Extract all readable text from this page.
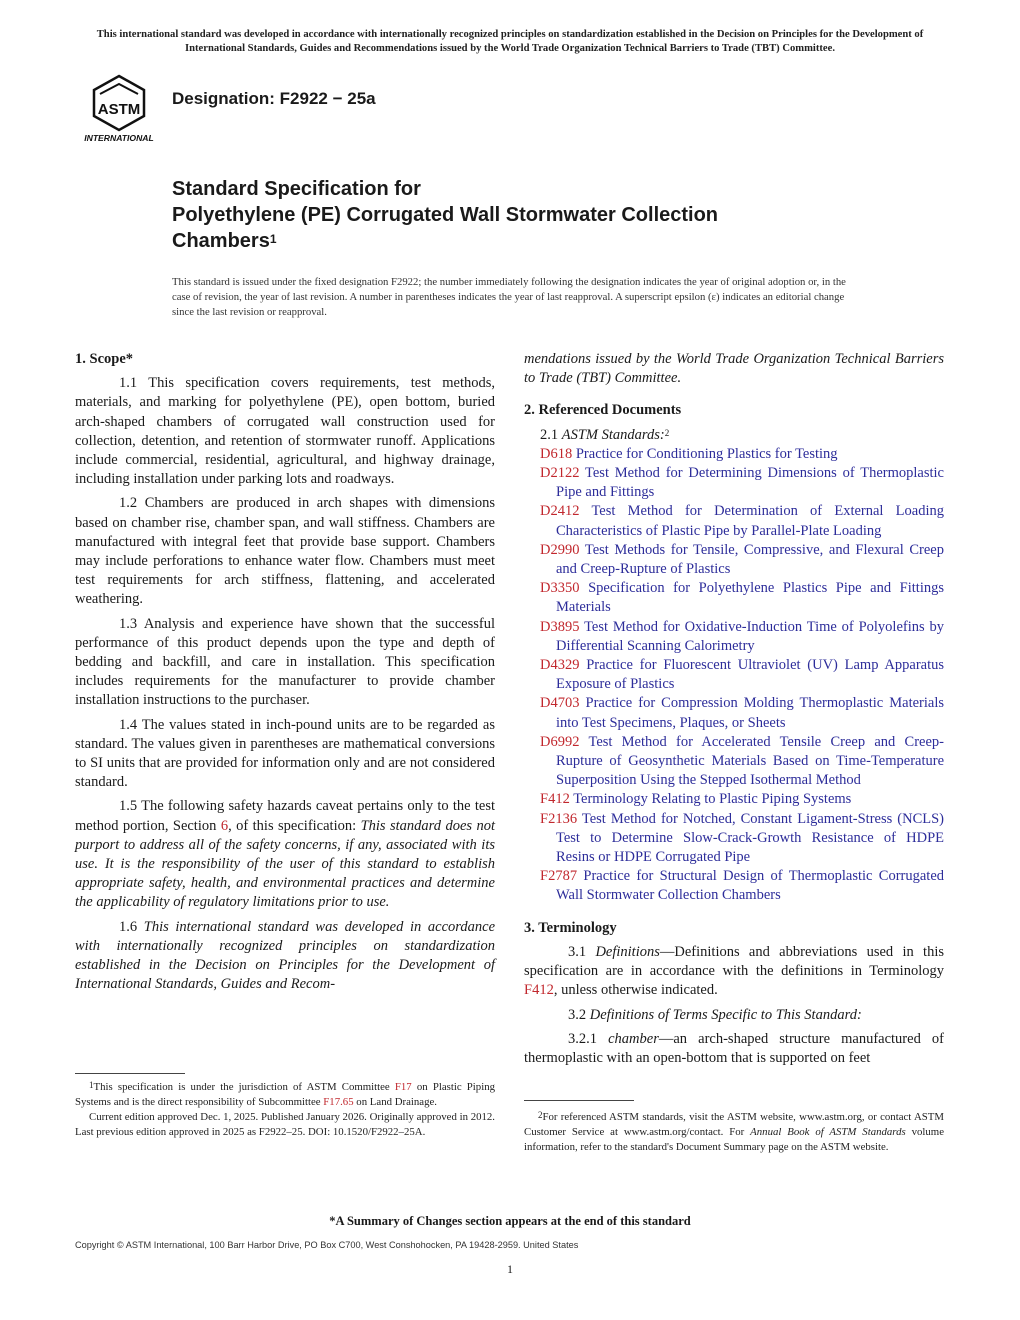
This international standard was developed in accordance with internationally recognized principles on standardization established in the Decision on Principles for the Development of International Standards, Guides and Recommendations issued by the World Trade Organization Technical Barriers to Trade (TBT) Committee.
ASTM
INTERNATIONAL
Designation: F2922 − 25a
Standard Specification for
Polyethylene (PE) Corrugated Wall Stormwater Collection
Chambers$^1$
This standard is issued under the fixed designation F2922; the number immediately following the designation indicates the year of original adoption or, in the case of revision, the year of last revision. A number in parentheses indicates the year of last reapproval. A superscript epsilon (ε) indicates an editorial change since the last revision or reapproval.

1. Scope*

1.1 This specification covers requirements, test methods, materials, and marking for polyethylene (PE), open bottom, buried arch-shaped chambers of corrugated wall construction used for collection, detention, and retention of stormwater runoff. Applications include commercial, residential, agricultural, and highway drainage, including installation under parking lots and roadways.

1.2 Chambers are produced in arch shapes with dimensions based on chamber rise, chamber span, and wall stiffness. Chambers are manufactured with integral feet that provide base support. Chambers may include perforations to enhance water flow. Chambers must meet test requirements for arch stiffness, flattening, and accelerated weathering.

1.3 Analysis and experience have shown that the successful performance of this product depends upon the type and depth of bedding and backfill, and care in installation. This specification includes requirements for the manufacturer to provide chamber installation instructions to the purchaser.

1.4 The values stated in inch-pound units are to be regarded as standard. The values given in parentheses are mathematical conversions to SI units that are provided for information only and are not considered standard.

1.5 The following safety hazards caveat pertains only to the test method portion, Section 6, of this specification: This standard does not purport to address all of the safety concerns, if any, associated with its use. It is the responsibility of the user of this standard to establish appropriate safety, health, and environmental practices and determine the applicability of regulatory limitations prior to use.

1.6 This international standard was developed in accordance with internationally recognized principles on standardization established in the Decision on Principles for the Development of International Standards, Guides and Recom-

$^1$This specification is under the jurisdiction of ASTM Committee F17 on Plastic Piping Systems and is the direct responsibility of Subcommittee F17.65 on Land Drainage.

Current edition approved Dec. 1, 2025. Published January 2026. Originally approved in 2012. Last previous edition approved in 2025 as F2922–25. DOI: 10.1520/F2922–25A.

mendations issued by the World Trade Organization Technical Barriers to Trade (TBT) Committee.

2. Referenced Documents

2.1 ASTM Standards:$^2$
D618 Practice for Conditioning Plastics for Testing
D2122 Test Method for Determining Dimensions of Thermoplastic Pipe and Fittings
D2412 Test Method for Determination of External Loading Characteristics of Plastic Pipe by Parallel-Plate Loading
D2990 Test Methods for Tensile, Compressive, and Flexural Creep and Creep-Rupture of Plastics
D3350 Specification for Polyethylene Plastics Pipe and Fittings Materials
D3895 Test Method for Oxidative-Induction Time of Polyolefins by Differential Scanning Calorimetry
D4329 Practice for Fluorescent Ultraviolet (UV) Lamp Apparatus Exposure of Plastics
D4703 Practice for Compression Molding Thermoplastic Materials into Test Specimens, Plaques, or Sheets
D6992 Test Method for Accelerated Tensile Creep and Creep-Rupture of Geosynthetic Materials Based on Time-Temperature Superposition Using the Stepped Isothermal Method
F412 Terminology Relating to Plastic Piping Systems
F2136 Test Method for Notched, Constant Ligament-Stress (NCLS) Test to Determine Slow-Crack-Growth Resistance of HDPE Resins or HDPE Corrugated Pipe
F2787 Practice for Structural Design of Thermoplastic Corrugated Wall Stormwater Collection Chambers

3. Terminology

3.1 Definitions—Definitions and abbreviations used in this specification are in accordance with the definitions in Terminology F412, unless otherwise indicated.

3.2 Definitions of Terms Specific to This Standard:

3.2.1 chamber—an arch-shaped structure manufactured of thermoplastic with an open-bottom that is supported on feet

$^2$For referenced ASTM standards, visit the ASTM website, www.astm.org, or contact ASTM Customer Service at www.astm.org/contact. For Annual Book of ASTM Standards volume information, refer to the standard's Document Summary page on the ASTM website.

*A Summary of Changes section appears at the end of this standard
Copyright © ASTM International, 100 Barr Harbor Drive, PO Box C700, West Conshohocken, PA 19428-2959. United States
1
